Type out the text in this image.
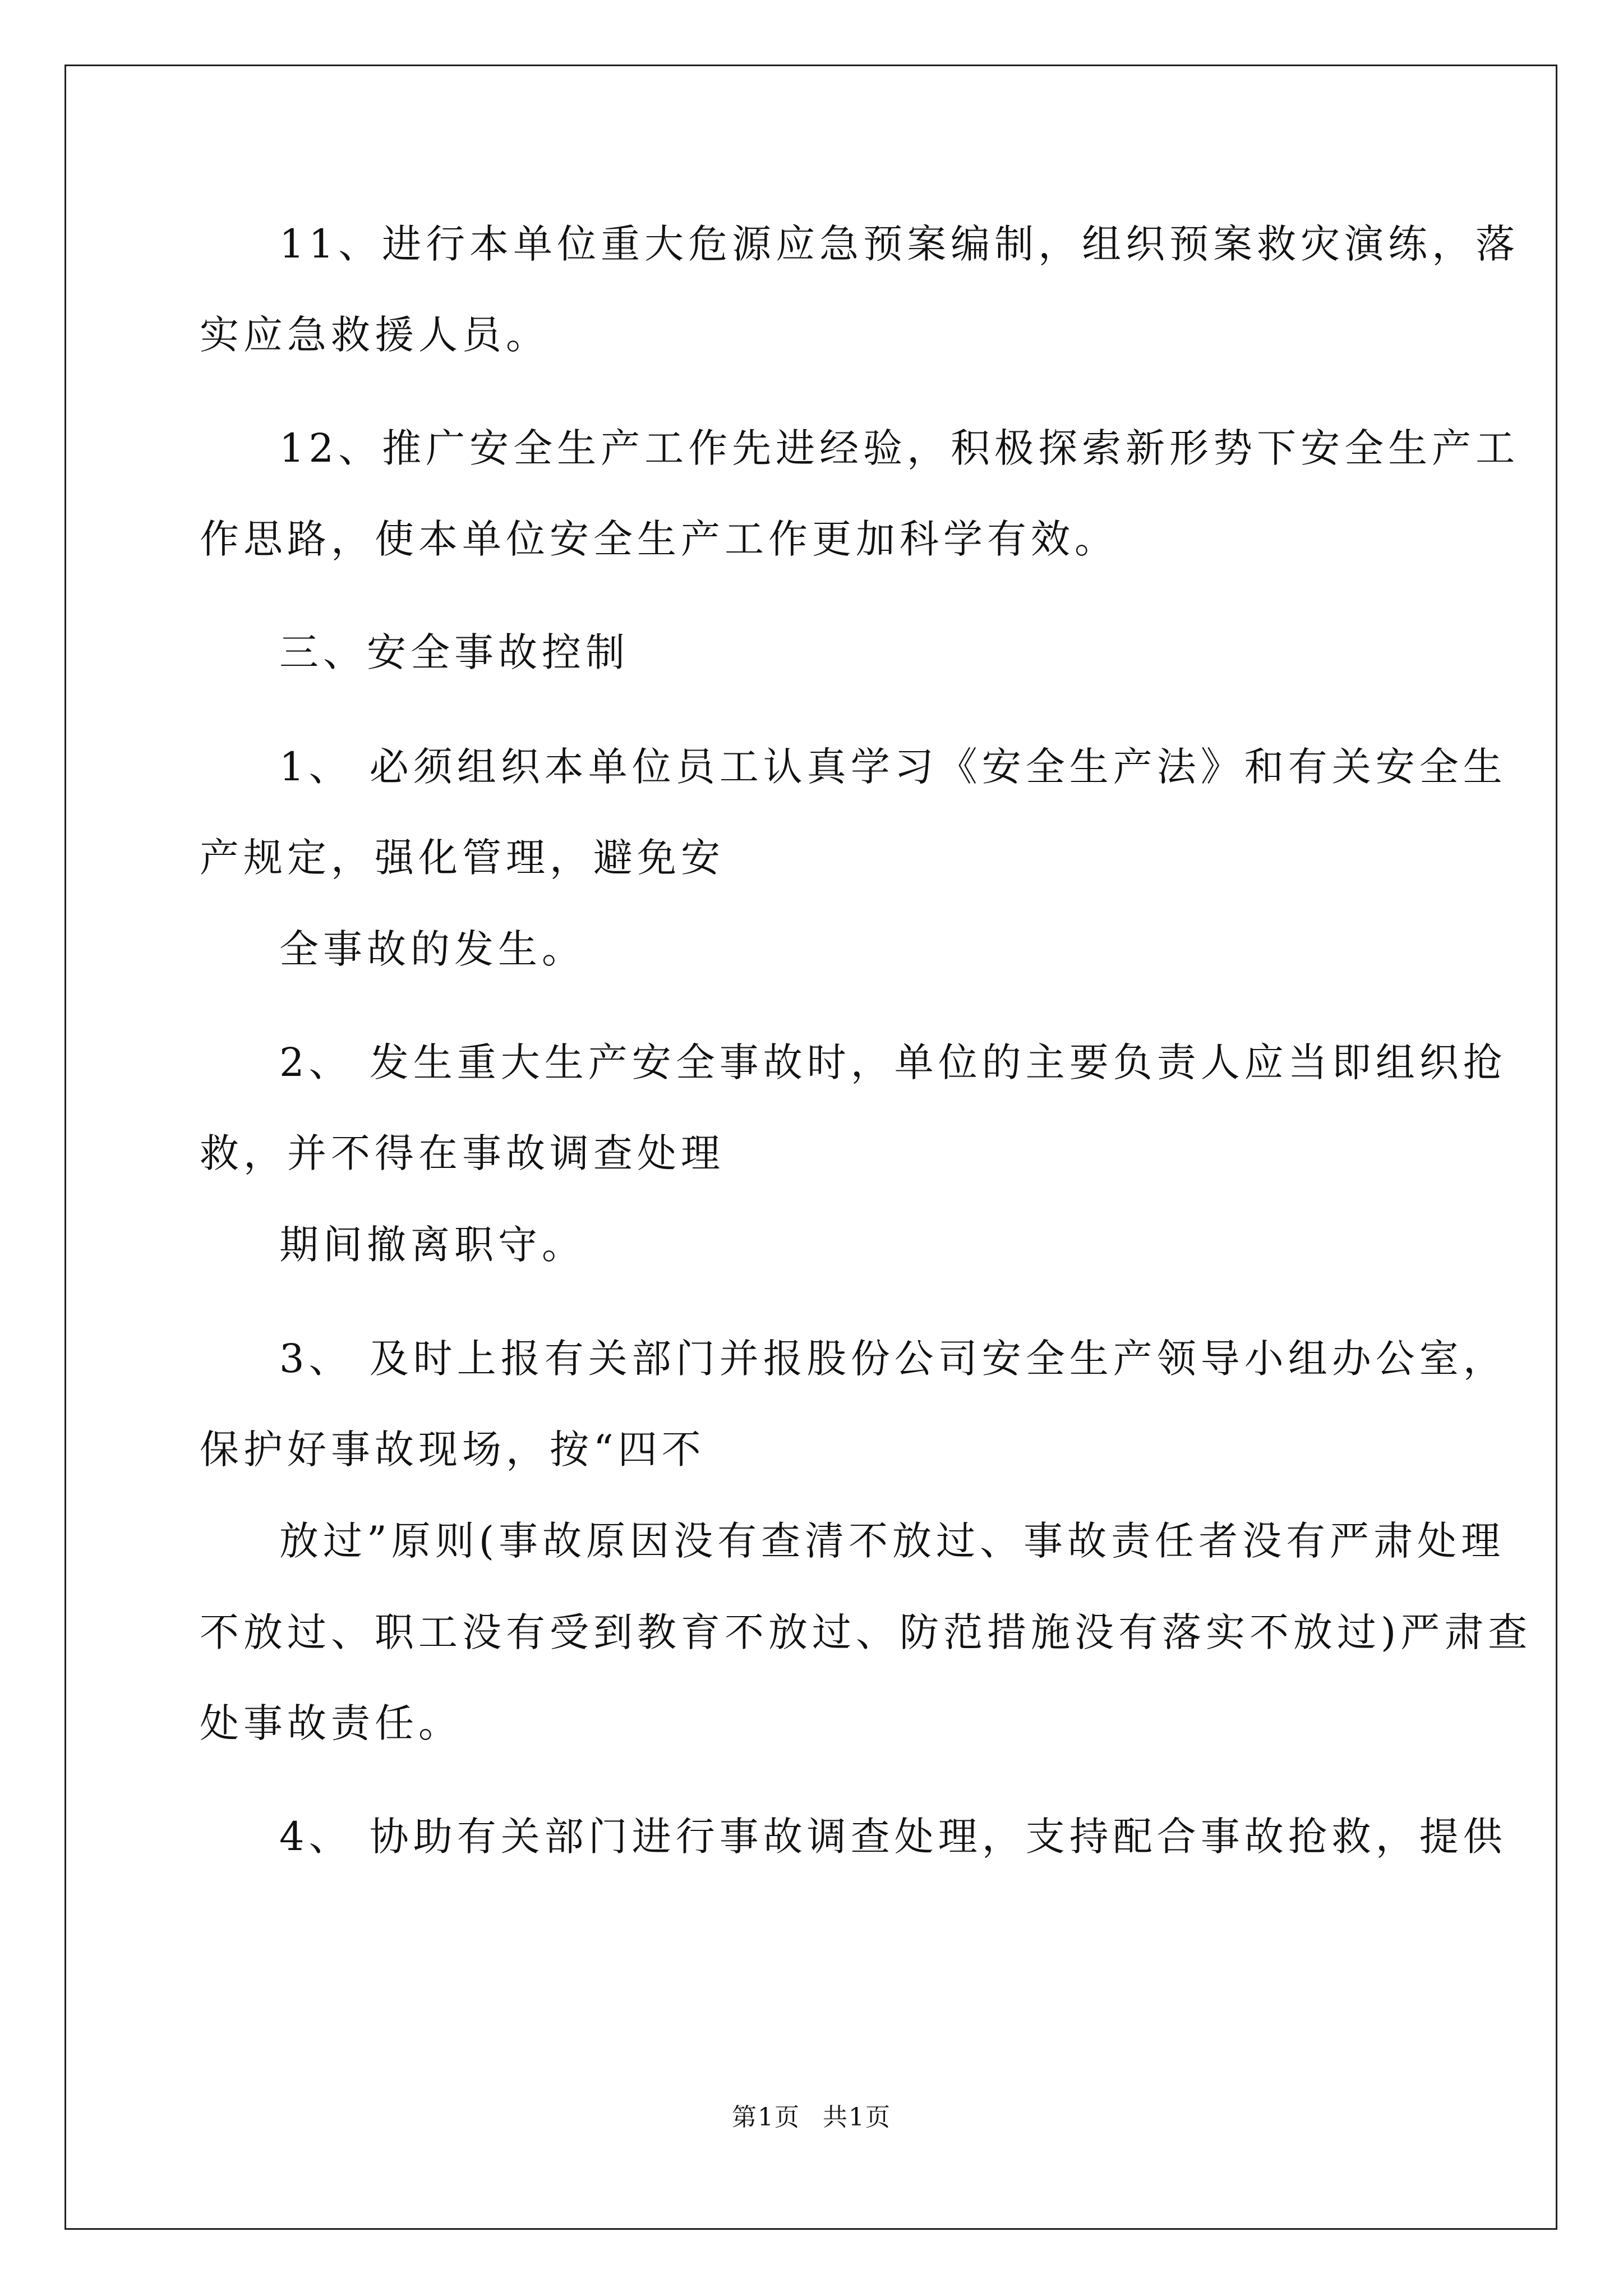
11、进行本单位重大危源应急预案编制，组织预案救灾演练，落
实应急救援人员。
12、推广安全生产工作先进经验，积极探索新形势下安全生产工
作思路，使本单位安全生产工作更加科学有效。
三、安全事故控制
1、 必须组织本单位员工认真学习《安全生产法》和有关安全生
产规定，强化管理，避免安
全事故的发生。
2、 发生重大生产安全事故时，单位的主要负责人应当即组织抢
救，并不得在事故调查处理
期间撤离职守。
3、 及时上报有关部门并报股份公司安全生产领导小组办公室，
保护好事故现场，按“四不
放过”原则(事故原因没有查清不放过、事故责任者没有严肃处理
不放过、职工没有受到教育不放过、防范措施没有落实不放过)严肃查
处事故责任。
4、 协助有关部门进行事故调查处理，支持配合事故抢救，提供
第1页 共1页
